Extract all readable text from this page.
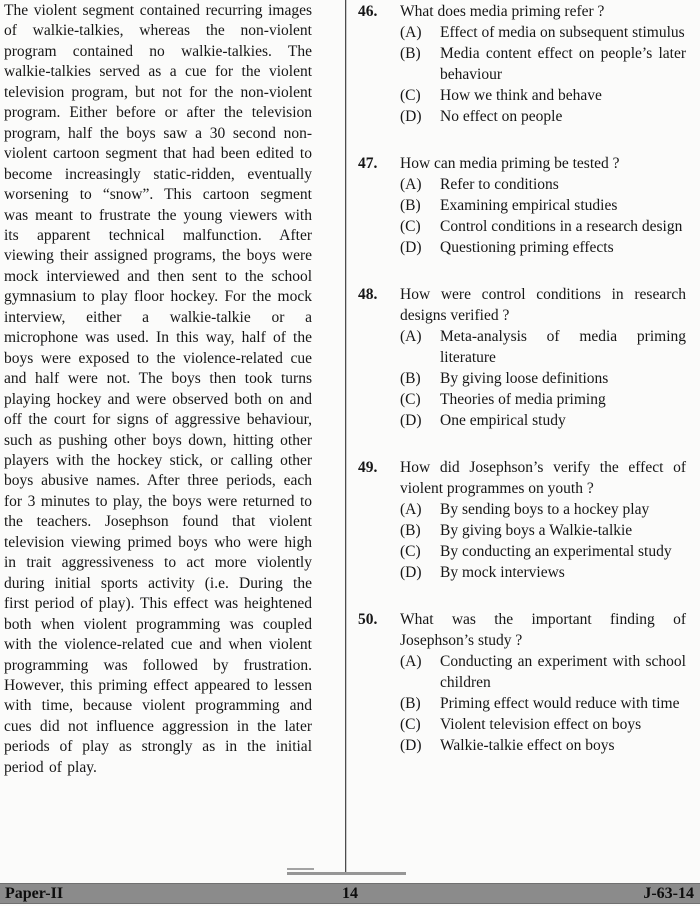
The violent segment contained recurring images of walkie-talkies, whereas the non-violent program contained no walkie-talkies. The walkie-talkies served as a cue for the violent television program, but not for the non-violent program. Either before or after the television program, half the boys saw a 30 second non-violent cartoon segment that had been edited to become increasingly static-ridden, eventually worsening to “snow”. This cartoon segment was meant to frustrate the young viewers with its apparent technical malfunction. After viewing their assigned programs, the boys were mock interviewed and then sent to the school gymnasium to play floor hockey. For the mock interview, either a walkie-talkie or a microphone was used. In this way, half of the boys were exposed to the violence-related cue and half were not. The boys then took turns playing hockey and were observed both on and off the court for signs of aggressive behaviour, such as pushing other boys down, hitting other players with the hockey stick, or calling other boys abusive names. After three periods, each for 3 minutes to play, the boys were returned to the teachers. Josephson found that violent television viewing primed boys who were high in trait aggressiveness to act more violently during initial sports activity (i.e. During the first period of play). This effect was heightened both when violent programming was coupled with the violence-related cue and when violent programming was followed by frustration. However, this priming effect appeared to lessen with time, because violent programming and cues did not influence aggression in the later periods of play as strongly as in the initial period of play.
46.	What does media priming refer ?
(A)	Effect of media on subsequent stimulus
(B)	Media content effect on people’s later behaviour
(C)	How we think and behave
(D)	No effect on people
47.	How can media priming be tested ?
(A)	Refer to conditions
(B)	Examining empirical studies
(C)	Control conditions in a research design
(D)	Questioning priming effects
48.	How were control conditions in research designs verified ?
(A)	Meta-analysis of media priming literature
(B)	By giving loose definitions
(C)	Theories of media priming
(D)	One empirical study
49.	How did Josephson’s verify the effect of violent programmes on youth ?
(A)	By sending boys to a hockey play
(B)	By giving boys a Walkie-talkie
(C)	By conducting an experimental study
(D)	By mock interviews
50.	What was the important finding of Josephson’s study ?
(A)	Conducting an experiment with school children
(B)	Priming effect would reduce with time
(C)	Violent television effect on boys
(D)	Walkie-talkie effect on boys
Paper-II	14	J-63-14
